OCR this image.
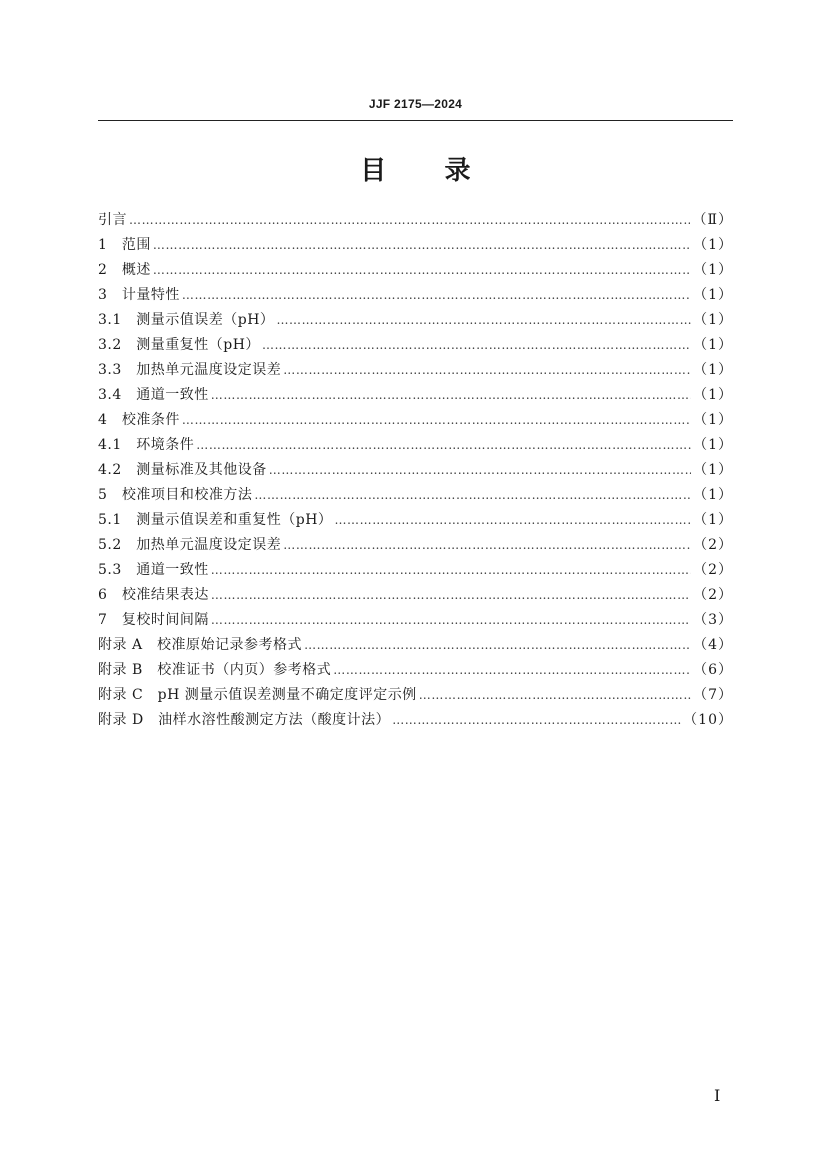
JJF 2175—2024
目 录
引言 ……………………………………………………………………………………………………………………………………………………………………………………………………	（Ⅱ）
1　范围 ……………………………………………………………………………………………………………………………………………………………………………………………………	（1）
2　概述 ……………………………………………………………………………………………………………………………………………………………………………………………………	（1）
3　计量特性 ……………………………………………………………………………………………………………………………………………………………………………………………………	（1）
3.1　测量示值误差（pH） ……………………………………………………………………………………………………………………………………………………………………………………………………	（1）
3.2　测量重复性（pH） ……………………………………………………………………………………………………………………………………………………………………………………………………	（1）
3.3　加热单元温度设定误差 ……………………………………………………………………………………………………………………………………………………………………………………………………	（1）
3.4　通道一致性 ……………………………………………………………………………………………………………………………………………………………………………………………………	（1）
4　校准条件 ……………………………………………………………………………………………………………………………………………………………………………………………………	（1）
4.1　环境条件 ……………………………………………………………………………………………………………………………………………………………………………………………………	（1）
4.2　测量标准及其他设备 ……………………………………………………………………………………………………………………………………………………………………………………………………	（1）
5　校准项目和校准方法 ……………………………………………………………………………………………………………………………………………………………………………………………………	（1）
5.1　测量示值误差和重复性（pH） ……………………………………………………………………………………………………………………………………………………………………………………………………	（1）
5.2　加热单元温度设定误差 ……………………………………………………………………………………………………………………………………………………………………………………………………	（2）
5.3　通道一致性 ……………………………………………………………………………………………………………………………………………………………………………………………………	（2）
6　校准结果表达 ……………………………………………………………………………………………………………………………………………………………………………………………………	（2）
7　复校时间间隔 ……………………………………………………………………………………………………………………………………………………………………………………………………	（3）
附录 A　校准原始记录参考格式 ……………………………………………………………………………………………………………………………………………………………………………………………………	（4）
附录 B　校准证书（内页）参考格式 ……………………………………………………………………………………………………………………………………………………………………………………………………	（6）
附录 C　pH 测量示值误差测量不确定度评定示例 ……………………………………………………………………………………………………………………………………………………………………………………………………	（7）
附录 D　油样水溶性酸测定方法（酸度计法） ……………………………………………………………………………………………………………………………………………………………………………………………………	（10）
I
